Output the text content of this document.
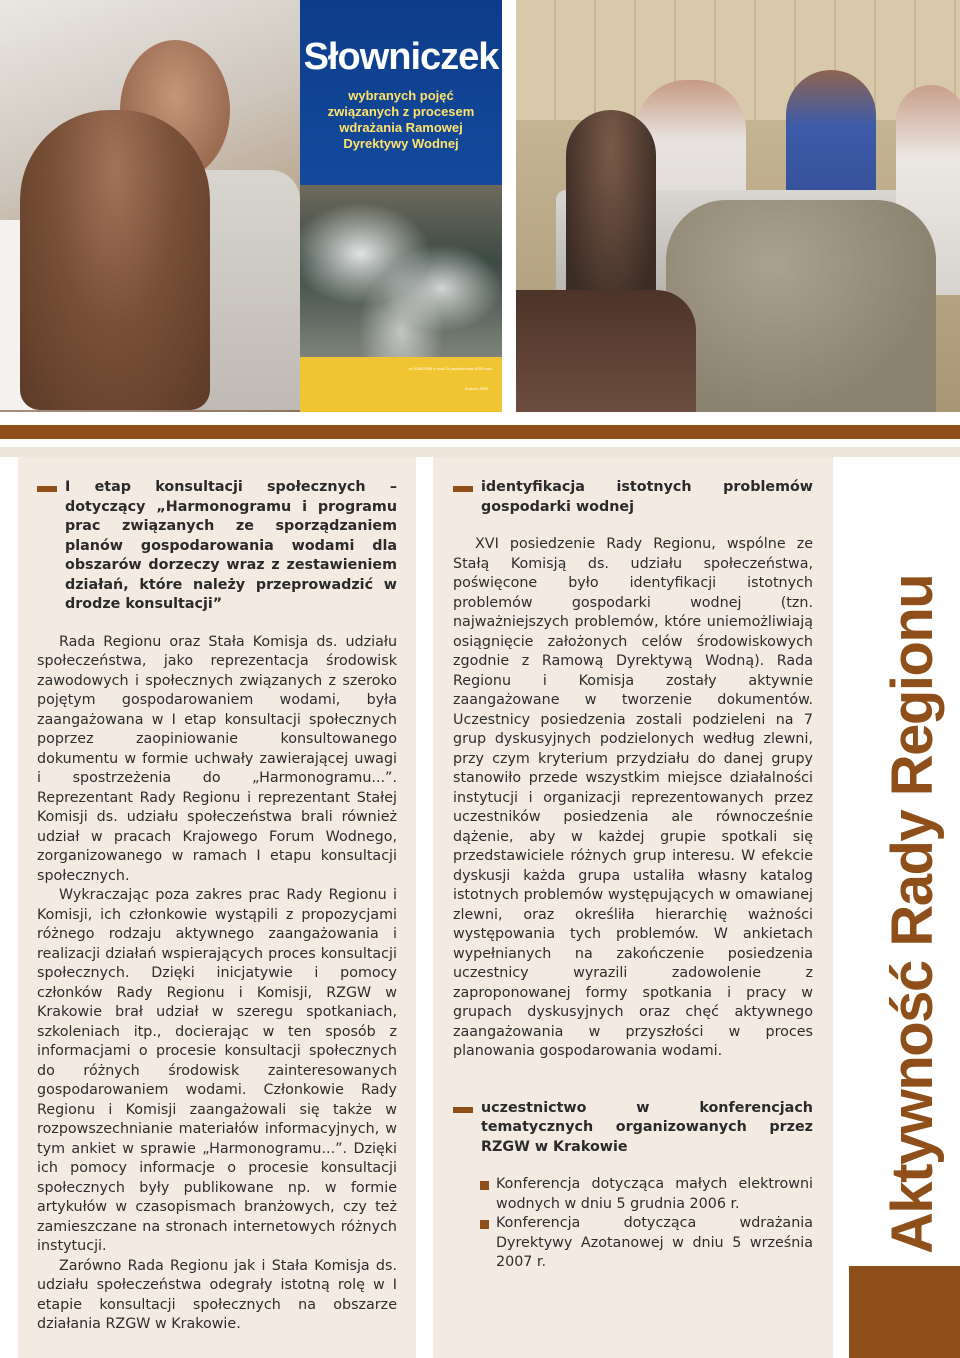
Słowniczek
wybranych pojęć
związanych z procesem
wdrażania Ramowej
Dyrektywy Wodnej
nr 2060/2005 z dnia 23 października 2005 roku
Kraków 2005
Aktywność Rady Regionu
I etap konsultacji społecznych – dotyczący „Harmonogramu i programu prac związanych ze sporządzaniem planów gospodarowania wodami dla obszarów dorzeczy wraz z zestawieniem działań, które należy przeprowadzić w drodze konsultacji”

Rada Regionu oraz Stała Komisja ds. udziału społeczeństwa, jako reprezentacja środowisk zawodowych i społecznych związanych z szeroko pojętym gospodarowaniem wodami, była zaangażowana w I etap konsultacji społecznych poprzez zaopiniowanie konsultowanego dokumentu w formie uchwały zawierającej uwagi i spostrzeżenia do „Harmonogramu...”. Reprezentant Rady Regionu i reprezentant Stałej Komisji ds. udziału społeczeństwa brali również udział w pracach Krajowego Forum Wodnego, zorganizowanego w ramach I etapu konsultacji społecznych.

Wykraczając poza zakres prac Rady Regionu i Komisji, ich członkowie wystąpili z propozycjami różnego rodzaju aktywnego zaangażowania i realizacji działań wspierających proces konsultacji społecznych. Dzięki inicjatywie i pomocy członków Rady Regionu i Komisji, RZGW w Krakowie brał udział w szeregu spotkaniach, szkoleniach itp., docierając w ten sposób z informacjami o procesie konsultacji społecznych do różnych środowisk zainteresowanych gospodarowaniem wodami. Członkowie Rady Regionu i Komisji zaangażowali się także w rozpowszechnianie materiałów informacyjnych, w tym ankiet w sprawie „Harmonogramu...”. Dzięki ich pomocy informacje o procesie konsultacji społecznych były publikowane np. w formie artykułów w czasopismach branżowych, czy też zamieszczane na stronach internetowych różnych instytucji.

Zarówno Rada Regionu jak i Stała Komisja ds. udziału społeczeństwa odegrały istotną rolę w I etapie konsultacji społecznych na obszarze działania RZGW w Krakowie.

identyfikacja istotnych problemów gospodarki wodnej

XVI posiedzenie Rady Regionu, wspólne ze Stałą Komisją ds. udziału społeczeństwa, poświęcone było identyfikacji istotnych problemów gospodarki wodnej (tzn. najważniejszych problemów, które uniemożliwiają osiągnięcie założonych celów środowiskowych zgodnie z Ramową Dyrektywą Wodną). Rada Regionu i Komisja zostały aktywnie zaangażowane w tworzenie dokumentów. Uczestnicy posiedzenia zostali podzieleni na 7 grup dyskusyjnych podzielonych według zlewni, przy czym kryterium przydziału do danej grupy stanowiło przede wszystkim miejsce działalności instytucji i organizacji reprezentowanych przez uczestników posiedzenia ale równocześnie dążenie, aby w każdej grupie spotkali się przedstawiciele różnych grup interesu. W efekcie dyskusji każda grupa ustaliła własny katalog istotnych problemów występujących w omawianej zlewni, oraz określiła hierarchię ważności występowania tych problemów. W ankietach wypełnianych na zakończenie posiedzenia uczestnicy wyrazili zadowolenie z zaproponowanej formy spotkania i pracy w grupach dyskusyjnych oraz chęć aktywnego zaangażowania w przyszłości w proces planowania gospodarowania wodami.

uczestnictwo w konferencjach tematycznych organizowanych przez RZGW w Krakowie
Konferencja dotycząca małych elektrowni wodnych w dniu 5 grudnia 2006 r.
Konferencja dotycząca wdrażania Dyrektywy Azotanowej w dniu 5 września 2007 r.
